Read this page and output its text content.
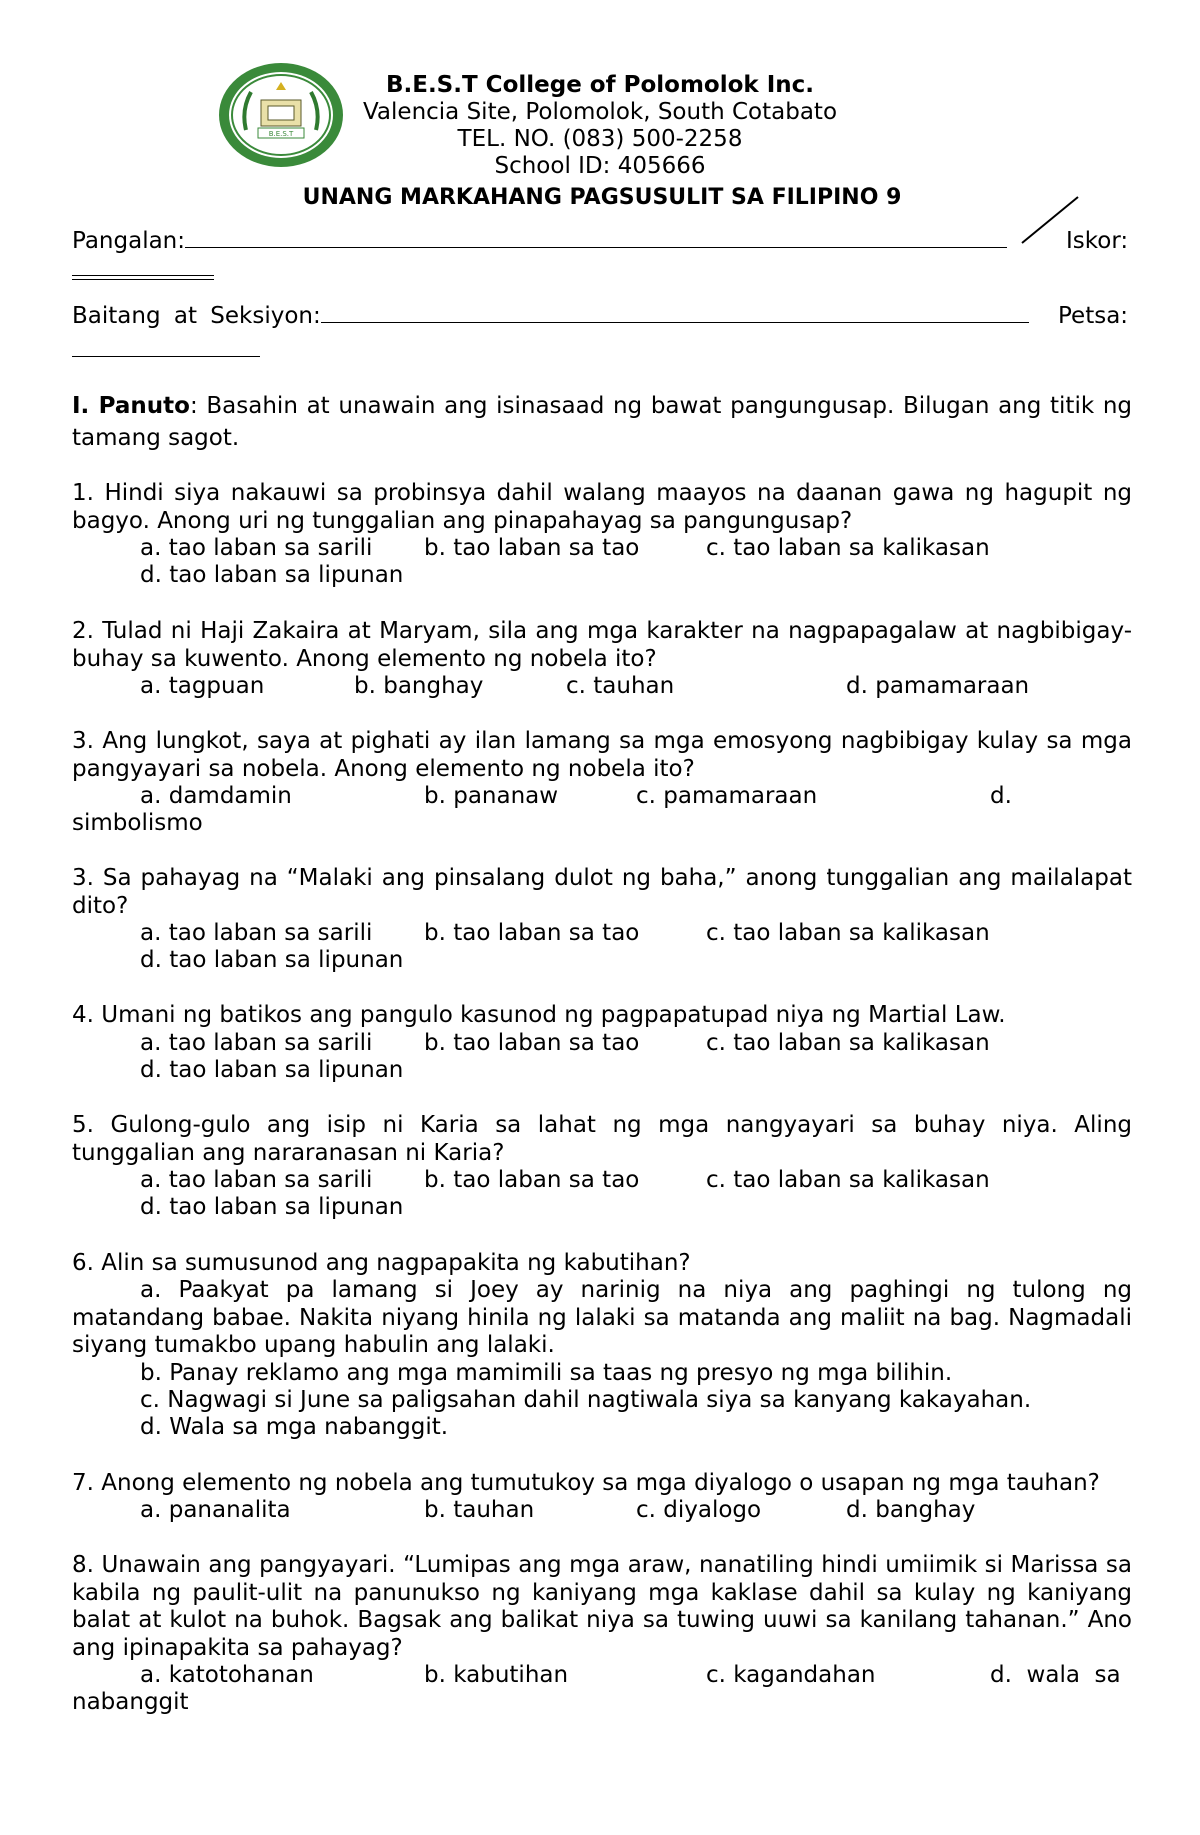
B.E.S.T
B.E.S.T College of Polomolok Inc.
Valencia Site, Polomolok, South Cotabato
TEL. NO. (083) 500-2258
School ID: 405666
UNANG MARKAHANG PAGSUSULIT SA FILIPINO 9
Pangalan:	Iskor:
Baitang at Seksiyon:	Petsa:
I. Panuto: Basahin at unawain ang isinasaad ng bawat pangungusap. Bilugan ang titik ng tamang sagot.
1. Hindi siya nakauwi sa probinsya dahil walang maayos na daanan gawa ng hagupit ng bagyo. Anong uri ng tunggalian ang pinapahayag sa pangungusap?
a. tao laban sa sarili b. tao laban sa tao	c. tao laban sa kalikasan
d. tao laban sa lipunan
2. Tulad ni Haji Zakaira at Maryam, sila ang mga karakter na nagpapagalaw at nagbibigay-buhay sa kuwento. Anong elemento ng nobela ito?
a. tagpuan	b. banghay	c. tauhan	d. pamamaraan
3. Ang lungkot, saya at pighati ay ilan lamang sa mga emosyong nagbibigay kulay sa mga pangyayari sa nobela. Anong elemento ng nobela ito?
a. damdamin	b. pananaw	c. pamamaraan	d.
simbolismo
3. Sa pahayag na “Malaki ang pinsalang dulot ng baha,” anong tunggalian ang mailalapat dito?
a. tao laban sa sarili b. tao laban sa tao	c. tao laban sa kalikasan
d. tao laban sa lipunan
4. Umani ng batikos ang pangulo kasunod ng pagpapatupad niya ng Martial Law.
a. tao laban sa sarili b. tao laban sa tao	c. tao laban sa kalikasan
d. tao laban sa lipunan
5. Gulong-gulo ang isip ni Karia sa lahat ng mga nangyayari sa buhay niya. Aling tunggalian ang nararanasan ni Karia?
a. tao laban sa sarili b. tao laban sa tao	c. tao laban sa kalikasan
d. tao laban sa lipunan
6. Alin sa sumusunod ang nagpapakita ng kabutihan?
a. Paakyat pa lamang si Joey ay narinig na niya ang paghingi ng tulong ng matandang babae. Nakita niyang hinila ng lalaki sa matanda ang maliit na bag. Nagmadali siyang tumakbo upang habulin ang lalaki.
b. Panay reklamo ang mga mamimili sa taas ng presyo ng mga bilihin.
c. Nagwagi si June sa paligsahan dahil nagtiwala siya sa kanyang kakayahan.
d. Wala sa mga nabanggit.
7. Anong elemento ng nobela ang tumutukoy sa mga diyalogo o usapan ng mga tauhan?
a. pananalita	b. tauhan	c. diyalogo	d. banghay
8. Unawain ang pangyayari. “Lumipas ang mga araw, nanatiling hindi umiimik si Marissa sa kabila ng paulit-ulit na panunukso ng kaniyang mga kaklase dahil sa kulay ng kaniyang balat at kulot na buhok. Bagsak ang balikat niya sa tuwing uuwi sa kanilang tahanan.” Ano ang ipinapakita sa pahayag?
a. katotohanan	b. kabutihan	c. kagandahan	d.  wala  sa
nabanggit
